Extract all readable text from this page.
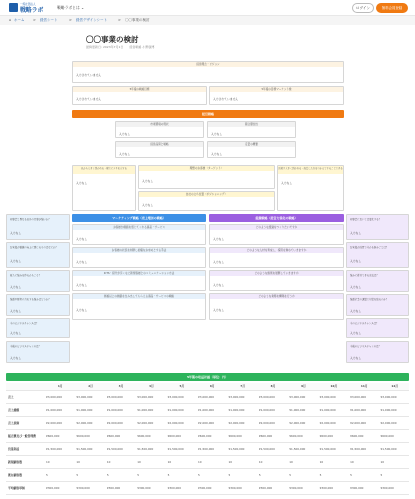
一般社団法人
戦略ラボ	戦略ラボとは ⌄	ログイン	無料会員登録
⌂ ホーム > 経営シート	> 経営デザインシート	> 〇〇事業の検討
〇〇事業の検討
最終更新日: 2023年7月1日　　経営戦略 小野康博
経営理念・ビジョン
入力されていません
5年後の戦略目標
入力されていません
5年後の目標マーケット像
入力されていません
経営戦略
市場環境の現状
入力なし
競合優位性
入力なし
経営品質と戦略
入力なし
定量の概要
入力なし
以から大きく開かれる・現実にツキを示する
入力なし
理想のお客様（ターゲット）
入力なし
自社の立ち位置（ポジショニング）
入力なし
活発す大きく開かれる・成長した方をつかえてすることできる
入力なし
マーケティング戦略（売上増加の戦略）	組織戦略（経営力強化の戦略）
お客様が価値を感じてくれる商品・サービス
入力なし
お客様の状況を判断し的確なお求めとする手法
入力なし
ICTS・紹介が引くなど新規客様とのコミュニケーション方法
入力なし
価格以上の価値を生み出してもらえる商品・サービスの戦略
入力なし
どのような組織をつくりたいですか
入力なし
どのような人材を育成し、採用を進めていきますか
入力なし
どのような施策を展開していきますか
入力なし
どのような業務を構築を行うか
入力なし
何事業と異なる以外の仕事が強いか？
入力なし
お客様が価値の向上に感じるものはなにか？
入力なし
新たに強みを作るからこそ？
入力なし
強豪や障害の力をする強みはどうか？
入力なし
今のビジネスチャンスは？
入力なし
今後のビジネスチャンスは？
入力なし
何事業においては変化する？
入力なし
お客様が品質で分かる悩みごとは？
入力なし
強みに着目できる方法は？
入力なし
強豪企業の課題で対策を取るのか？
入力なし
今のビジネスチャンスは？
入力なし
今後のビジネスチャンスは？
入力なし
5年後の収益計画（単位：円）
	1月	2月	3月	4月	5月	6月	7月	8月	9月	10月	11月	12月
売上	¥3,000,000	¥3,000,000	¥3,000,000	¥3,000,000	¥3,000,000	¥3,000,000	¥3,000,000	¥3,000,000	¥3,000,000	¥3,000,000	¥3,000,000	¥3,000,000
売上総額	¥1,000,000	¥1,000,000	¥1,000,000	¥1,000,000	¥1,000,000	¥1,000,000	¥1,000,000	¥1,000,000	¥1,000,000	¥1,000,000	¥1,000,000	¥1,000,000
売上原価	¥2,000,000	¥2,000,000	¥2,000,000	¥2,000,000	¥2,000,000	¥2,000,000	¥2,000,000	¥2,000,000	¥2,000,000	¥2,000,000	¥2,000,000	¥2,000,000
販売費及び一般管理費	¥600,000	¥600,000	¥600,000	¥600,000	¥600,000	¥600,000	¥600,000	¥600,000	¥600,000	¥600,000	¥600,000	¥600,000
営業利益	¥1,500,000	¥1,500,000	¥1,500,000	¥1,500,000	¥1,500,000	¥1,500,000	¥1,500,000	¥1,500,000	¥1,500,000	¥1,500,000	¥1,500,000	¥1,500,000
新規顧客数	10	10	10	10	10	10	10	10	10	10	10	10
既存顧客数	5	5	5	5	5	5	5	5	5	5	5	5
平均顧客単価	¥300,000	¥300,000	¥300,000	¥300,000	¥300,000	¥300,000	¥300,000	¥300,000	¥300,000	¥300,000	¥300,000	¥300,000
